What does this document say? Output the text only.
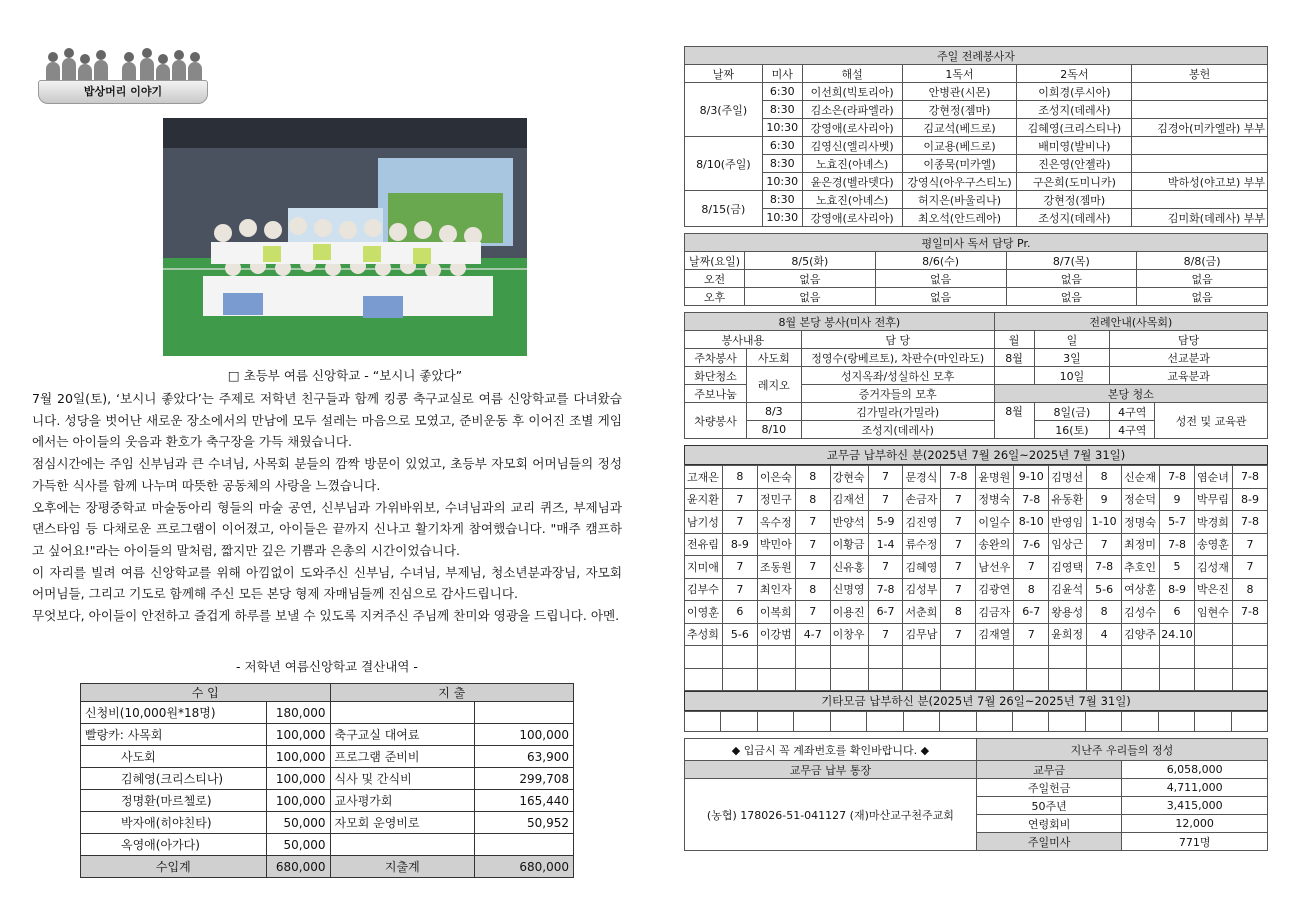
밥상머리 이야기
□ 초등부 여름 신앙학교 - “보시니 좋았다”

7월 20일(토), ‘보시니 좋았다’는 주제로 저학년 친구들과 함께 킹콩 축구교실로 여름 신앙학교를 다녀왔습니다. 성당을 벗어난 새로운 장소에서의 만남에 모두 설레는 마음으로 모였고, 준비운동 후 이어진 조별 게임에서는 아이들의 웃음과 환호가 축구장을 가득 채웠습니다.

점심시간에는 주임 신부님과 큰 수녀님, 사목회 분들의 깜짝 방문이 있었고, 초등부 자모회 어머님들의 정성 가득한 식사를 함께 나누며 따뜻한 공동체의 사랑을 느꼈습니다.

오후에는 장평중학교 마술동아리 형들의 마술 공연, 신부님과 가위바위보, 수녀님과의 교리 퀴즈, 부제님과 댄스타임 등 다채로운 프로그램이 이어졌고, 아이들은 끝까지 신나고 활기차게 참여했습니다. "매주 캠프하고 싶어요!"라는 아이들의 말처럼, 짧지만 깊은 기쁨과 은총의 시간이었습니다.

이 자리를 빌려 여름 신앙학교를 위해 아낌없이 도와주신 신부님, 수녀님, 부제님, 청소년분과장님, 자모회 어머님들, 그리고 기도로 함께해 주신 모든 본당 형제 자매님들께 진심으로 감사드립니다.

무엇보다, 아이들이 안전하고 즐겁게 하루를 보낼 수 있도록 지켜주신 주님께 찬미와 영광을 드립니다. 아멘.

- 저학년 여름신앙학교 결산내역 -
수 입		지 출	
신청비(10,000원*18명)	180,000		
빨랑카: 사목회	100,000	축구교실 대여료	100,000
사도회	100,000	프로그램 준비비	63,900
김혜영(크리스티나)	100,000	식사 및 간식비	299,708
정명환(마르첼로)	100,000	교사평가회	165,440
박자애(히야친타)	50,000	자모회 운영비로	50,952
옥영애(아가다)	50,000		
수입계	680,000	지출계	680,000
주일 전례봉사자					
날짜	미사	해설	1독서	2독서	봉헌
8/3(주일)	6:30	이선희(빅토리아)	안병관(시몬)	이희경(루시아)	
	8:30	김소은(라파엘라)	강현정(젬마)	조성지(데레사)	
	10:30	강영애(로사리아)	김교석(베드로)	김혜영(크리스티나)	김경아(미카엘라) 부부
8/10(주일)	6:30	김영신(엘리사벳)	이교용(베드로)	배미영(발비나)	
	8:30	노효진(아녜스)	이종묵(미카엘)	진은영(안젤라)	
	10:30	윤은경(벨라뎃다)	강영식(아우구스티노)	구은희(도미니카)	박하성(야고보) 부부
8/15(금)	8:30	노효진(아녜스)	허지은(바울리나)	강현정(젬마)	
	10:30	강영애(로사리아)	최오석(안드레아)	조성지(데레사)	김미화(데레사) 부부
평일미사 독서 담당 Pr.				
날짜(요일)	8/5(화)	8/6(수)	8/7(목)	8/8(금)
오전	없음	없음	없음	없음
오후	없음	없음	없음	없음
8월 본당 봉사(미사 전후)			전례안내(사목회)			
봉사내용		담 당	월	일	담당	
주차봉사	사도회	정영수(랑베르토), 차판수(마인라도)	8월	3일	선교분과	
화단청소	레지오	성지옥좌/성실하신 모후		10일	교육분과	
주보나눔		증거자들의 모후	본당 청소			
차량봉사	8/3	김가밀라(가밀라)	8월	8일(금)	4구역	성전 및 교육관
	8/10	조성지(데레사)		16(토)	4구역	
교무금 납부하신 분(2025년 7월 26일~2025년 7월 31일)
고재은	8	이은숙	8	강현숙	7	문경식	7-8	윤명원	9-10	김명선	8	신순재	7-8	염순녀	7-8
윤지환	7	정민구	8	김재선	7	손금자	7	정병숙	7-8	유동환	9	정순덕	9	박무림	8-9
남기성	7	옥수정	7	반양석	5-9	김진영	7	이일수	8-10	반영임	1-10	정명숙	5-7	박경희	7-8
전유림	8-9	박민아	7	이황금	1-4	류수정	7	송완의	7-6	임상근	7	최정미	7-8	송영훈	7
지미애	7	조동원	7	신유홍	7	김혜영	7	남선우	7	김영택	7-8	추호인	5	김성재	7
김부수	7	최인자	8	신명영	7-8	김성부	7	김광연	8	김윤석	5-6	여상훈	8-9	박은진	8
이영훈	6	이복희	7	이용진	6-7	서춘희	8	김금자	6-7	왕용성	8	김성수	6	임현수	7-8
추성희	5-6	이강범	4-7	이창우	7	김무남	7	김재열	7	윤희정	4	김양주	24.10		

기타모금 납부하신 분(2025년 7월 26일~2025년 7월 31일)

◆ 입금시 꼭 계좌번호를 확인바랍니다. ◆	지난주 우리들의 정성	
교무금 납부 통장	교무금	6,058,000
(농협) 178026-51-041127 (재)마산교구천주교회	주일헌금	4,711,000
	50주년	3,415,000
	연령회비	12,000
	주일미사	771명
